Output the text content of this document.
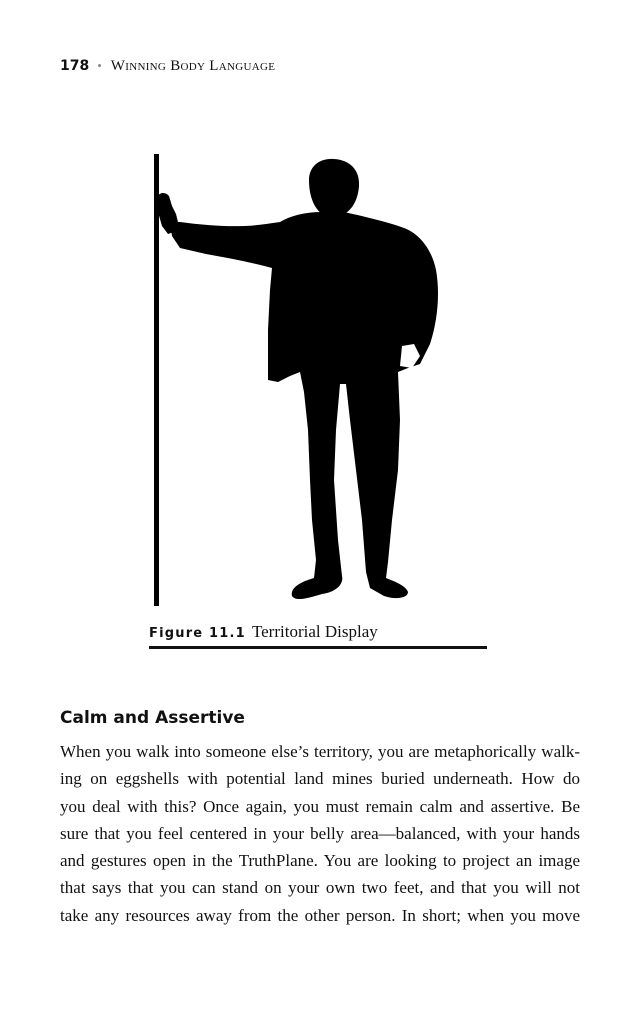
178 • Winning Body Language
Figure 11.1 Territorial Display
Calm and Assertive
When you walk into someone else’s territory, you are metaphorically walk-
ing on eggshells with potential land mines buried underneath. How do
you deal with this? Once again, you must remain calm and assertive. Be
sure that you feel centered in your belly area—balanced, with your hands
and gestures open in the TruthPlane. You are looking to project an image
that says that you can stand on your own two feet, and that you will not
take any resources away from the other person. In short; when you move
